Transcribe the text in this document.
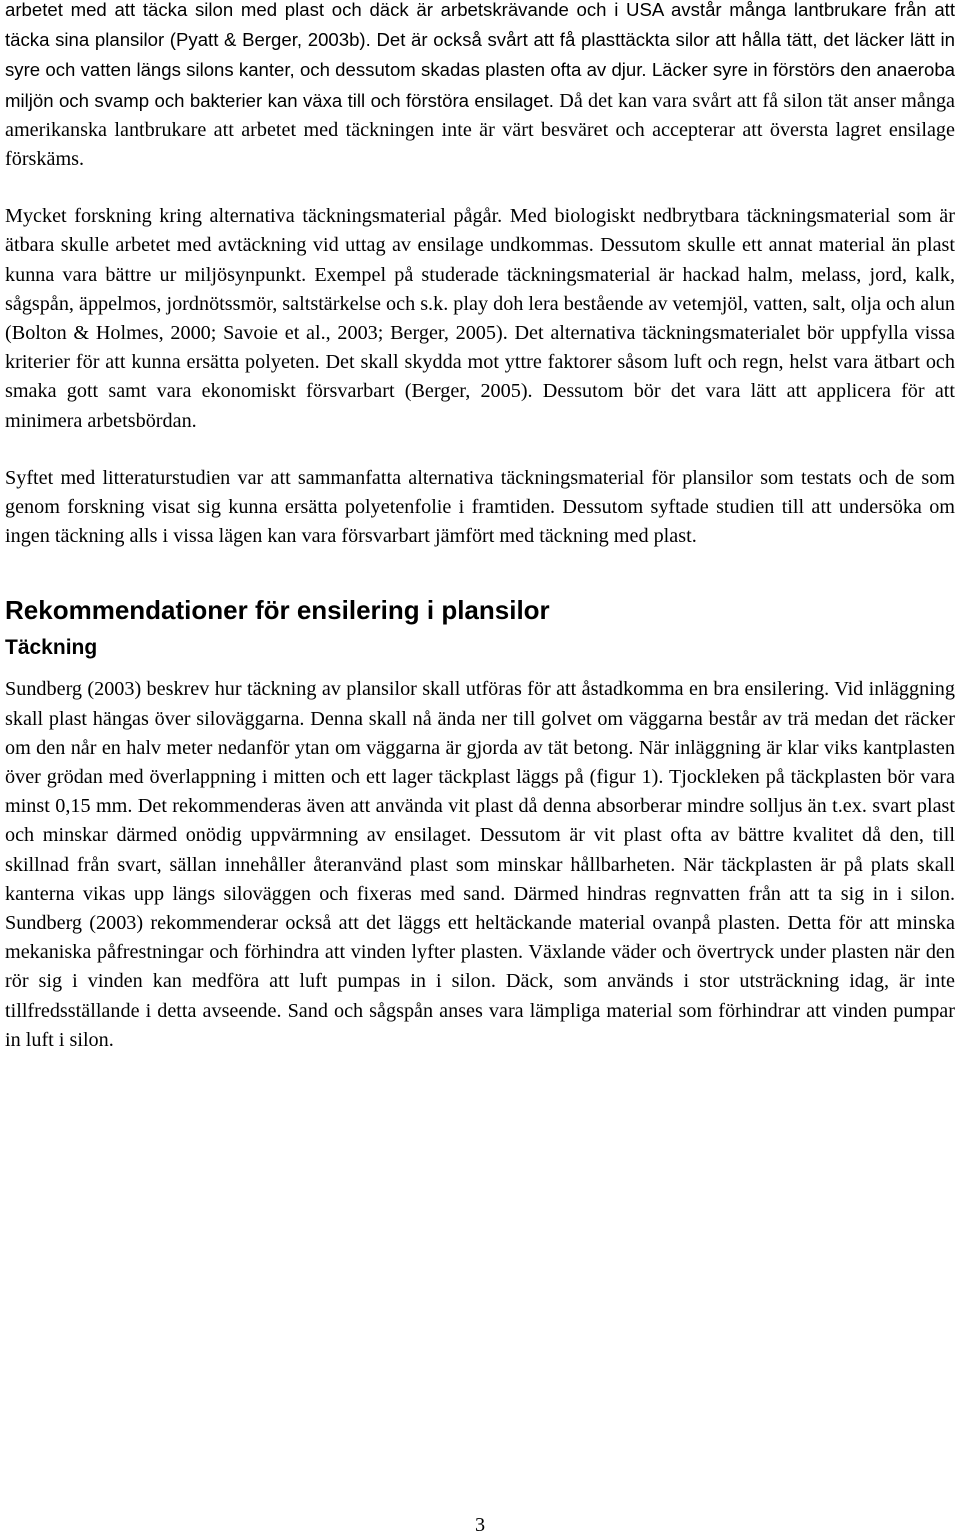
arbetet med att täcka silon med plast och däck är arbetskrävande och i USA avstår många lantbrukare från att täcka sina plansilor (Pyatt & Berger, 2003b). Det är också svårt att få plasttäckta silor att hålla tätt, det läcker lätt in syre och vatten längs silons kanter, och dessutom skadas plasten ofta av djur. Läcker syre in förstörs den anaeroba miljön och svamp och bakterier kan växa till och förstöra ensilaget. Då det kan vara svårt att få silon tät anser många amerikanska lantbrukare att arbetet med täckningen inte är värt besväret och accepterar att översta lagret ensilage förskäms.

Mycket forskning kring alternativa täckningsmaterial pågår. Med biologiskt nedbrytbara täckningsmaterial som är ätbara skulle arbetet med avtäckning vid uttag av ensilage undkommas. Dessutom skulle ett annat material än plast kunna vara bättre ur miljösynpunkt. Exempel på studerade täckningsmaterial är hackad halm, melass, jord, kalk, sågspån, äppelmos, jordnötssmör, saltstärkelse och s.k. play doh lera bestående av vetemjöl, vatten, salt, olja och alun (Bolton & Holmes, 2000; Savoie et al., 2003; Berger, 2005). Det alternativa täckningsmaterialet bör uppfylla vissa kriterier för att kunna ersätta polyeten. Det skall skydda mot yttre faktorer såsom luft och regn, helst vara ätbart och smaka gott samt vara ekonomiskt försvarbart (Berger, 2005). Dessutom bör det vara lätt att applicera för att minimera arbetsbördan.

Syftet med litteraturstudien var att sammanfatta alternativa täckningsmaterial för plansilor som testats och de som genom forskning visat sig kunna ersätta polyetenfolie i framtiden. Dessutom syftade studien till att undersöka om ingen täckning alls i vissa lägen kan vara försvarbart jämfört med täckning med plast.

Rekommendationer för ensilering i plansilor
Täckning

Sundberg (2003) beskrev hur täckning av plansilor skall utföras för att åstadkomma en bra ensilering. Vid inläggning skall plast hängas över siloväggarna. Denna skall nå ända ner till golvet om väggarna består av trä medan det räcker om den når en halv meter nedanför ytan om väggarna är gjorda av tät betong. När inläggning är klar viks kantplasten över grödan med överlappning i mitten och ett lager täckplast läggs på (figur 1). Tjockleken på täckplasten bör vara minst 0,15 mm. Det rekommenderas även att använda vit plast då denna absorberar mindre solljus än t.ex. svart plast och minskar därmed onödig uppvärmning av ensilaget. Dessutom är vit plast ofta av bättre kvalitet då den, till skillnad från svart, sällan innehåller återanvänd plast som minskar hållbarheten. När täckplasten är på plats skall kanterna vikas upp längs siloväggen och fixeras med sand. Därmed hindras regnvatten från att ta sig in i silon. Sundberg (2003) rekommenderar också att det läggs ett heltäckande material ovanpå plasten. Detta för att minska mekaniska påfrestningar och förhindra att vinden lyfter plasten. Växlande väder och övertryck under plasten när den rör sig i vinden kan medföra att luft pumpas in i silon. Däck, som används i stor utsträckning idag, är inte tillfredsställande i detta avseende. Sand och sågspån anses vara lämpliga material som förhindrar att vinden pumpar in luft i silon.

3
